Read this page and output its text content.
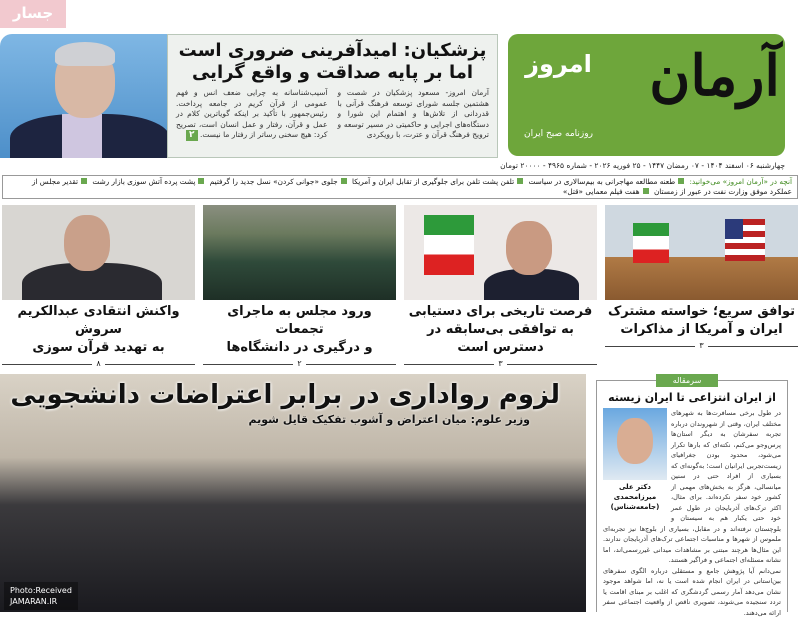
جسار
پزشکیان: امیدآفرینی ضروری است
اما بر پایه صداقت و واقع گرایی

آرمان امروز- مسعود پزشکیان در شصت و هشتمین جلسه شورای توسعه فرهنگ قرآنی با قدردانی از تلاش‌ها و اهتمام این شورا و دستگاه‌های اجرایی و حاکمیتی در مسیر توسعه و ترویج فرهنگ قرآن و عترت، با رویکردی

آسیب‌شناسانه به چرایی ضعف انس و فهم عمومی از قرآن کریم در جامعه پرداخت. رئیس‌جمهور با تأکید بر اینکه گویاترین کلام در عمل و قرآن، رفتار و عمل انسان است، تصریح کرد: هیچ سخنی رساتر از رفتار ما نیست. ۲

آرمان
امروز
روزنامه صبح ایران
چهارشنبه ۰۶ اسفند ۱۴۰۴ - ۰۷ رمضان ۱۴۴۷ - ۲۵ فوریه ۲۰۲۶ - شماره ۴۹۶۵ - ۲۰۰۰۰ تومان
آنچه در «آرمان امروز» می‌خوانید: طعنه مطالعه مهاجرانی به بیم‌سالاری در سیاست تلفن پشت تلفن برای جلوگیری از تقابل ایران و آمریکا جلوی «جوانی کردن» نسل جدید را گرفتیم پشت پرده آتش سوزی بازار رشت تقدیر مجلس از عملکرد موفق وزارت نفت در عبور از زمستان هفت فیلم معمایی «قتل»
واکنش انتقادی عبدالکریم سروش
به تهدید قرآن سوزی
۸
ورود مجلس به ماجرای تجمعات
و درگیری در دانشگاه‌ها
۲
فرصت تاریخی برای دستیابی
به توافقی بی‌سابقه در دسترس است
۳
توافق سریع؛ خواسته مشترک
ایران و آمریکا از مذاکرات
۳
لزوم رواداری در برابر اعتراضات دانشجویی
وزیر علوم: میان اعتراض و آشوب تفکیک قایل شویم
Photo:Received
JAMARAN.IR
سرمقاله
از ایران انتزاعی تا ایران زیسته
دکتر علی میرزامحمدی
(جامعه‌شناس)

در طول برخی مسافرت‌ها به شهرهای مختلف ایران، وقتی از شهروندان درباره تجربه سفرشان به دیگر استان‌ها پرس‌وجو می‌کنم، نکته‌ای که بارها تکرار می‌شود، محدود بودن جغرافیای زیست‌تجربی ایرانیان است؛ به‌گونه‌ای که بسیاری از افراد حتی در سنین میانسالی، هرگز به بخش‌های مهمی از کشور خود سفر نکرده‌اند. برای مثال، اکثر ترک‌های آذربایجان در طول عمر خود حتی یکبار هم به سیستان و بلوچستان نرفته‌اند و در مقابل، بسیاری از بلوچ‌ها نیز تجربه‌ای ملموس از شهرها و مناسبات اجتماعی ترک‌های آذربایجان ندارند. این مثال‌ها هرچند مبتنی بر مشاهدات میدانی غیررسمی‌اند، اما نشانه مسئله‌ای اجتماعی و فراگیر هستند.

نمی‌دانم آیا پژوهش جامع و مستقلی درباره الگوی سفرهای بین‌استانی در ایران انجام شده است یا نه، اما شواهد موجود نشان می‌دهد آمار رسمی گردشگری که اغلب بر مبنای اقامت یا تردد سنجیده می‌شوند، تصویری ناقص از واقعیت اجتماعی سفر ارائه می‌دهند.
